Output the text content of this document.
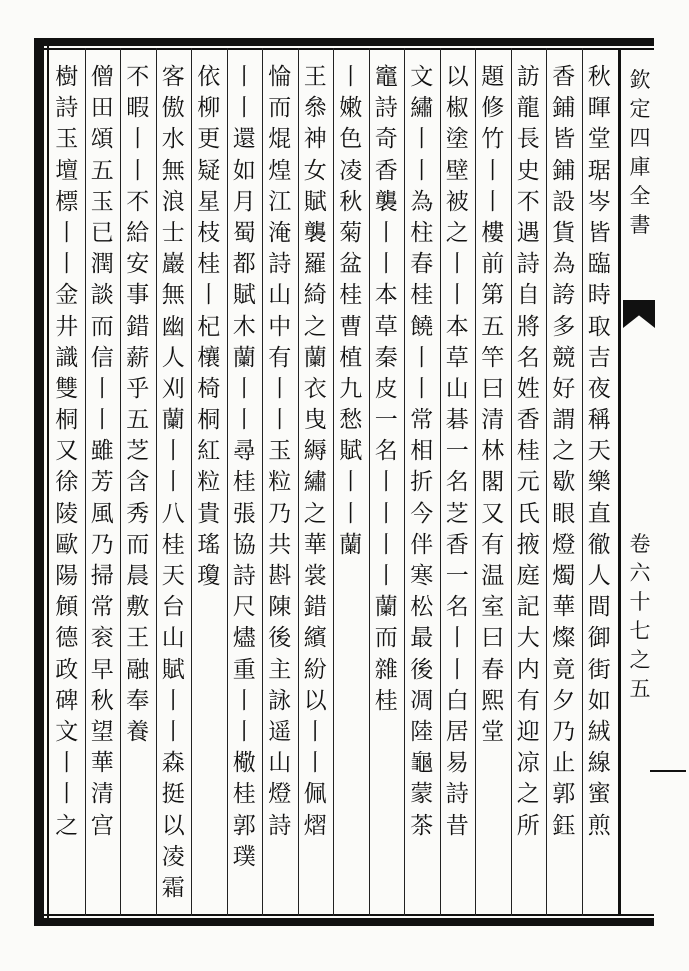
欽
定
四
庫
全
書
卷
六
十
七
之
五
秋
暉
堂
琚
岑
皆
臨
時
取
吉
夜
稱
天
樂
直
徹
人
間
御
街
如
絨
線
蜜
煎
香
鋪
皆
鋪
設
貨
為
誇
多
競
好
謂
之
歇
眼
燈
燭
華
燦
竟
夕
乃
止
郭
鈺
訪
龍
長
史
不
遇
詩
自
將
名
姓
香
桂
元
氏
掖
庭
記
大
内
有
迎
凉
之
所
題
修
竹
丨
丨
樓
前
第
五
竿
曰
清
林
閣
又
有
温
室
曰
春
熙
堂
以
椒
塗
壁
被
之
丨
丨
本
草
山
碁
一
名
芝
香
一
名
丨
丨
白
居
易
詩
昔
文
繡
丨
丨
為
柱
春
桂
饒
丨
丨
常
相
折
今
伴
寒
松
最
後
凋
陸
龜
蒙
茶
竈
詩
奇
香
襲
丨
丨
本
草
秦
皮
一
名
丨
丨
丨
丨
蘭
而
雜
桂
丨
嫩
色
凌
秋
菊
盆
桂
曹
植
九
愁
賦
丨
丨
蘭
王
叅
神
女
賦
襲
羅
綺
之
蘭
衣
曳
縟
繡
之
華
裳
錯
繽
紛
以
丨
丨
佩
熠
惀
而
焜
煌
江
淹
詩
山
中
有
丨
丨
玉
粒
乃
共
斟
陳
後
主
詠
遥
山
燈
詩
丨
丨
還
如
月
蜀
都
賦
木
蘭
丨
丨
尋
桂
張
協
詩
尺
燼
重
丨
丨
㯳
桂
郭
璞
依
柳
更
疑
星
枝
桂
丨
杞
欀
椅
桐
紅
粒
貴
瑤
瓊
客
傲
水
無
浪
士
巖
無
幽
人
刈
蘭
丨
丨
八
桂
天
台
山
賦
丨
丨
森
挺
以
凌
霜
不
暇
丨
丨
不
給
安
事
錯
薪
乎
五
芝
含
秀
而
晨
敷
王
融
奉
養
僧
田
頌
五
玉
已
潤
談
而
信
丨
丨
雖
芳
風
乃
掃
常
衮
早
秋
望
華
清
宫
樹
詩
玉
壇
標
丨
丨
金
井
識
雙
桐
又
徐
陵
歐
陽
頠
德
政
碑
文
丨
丨
之
